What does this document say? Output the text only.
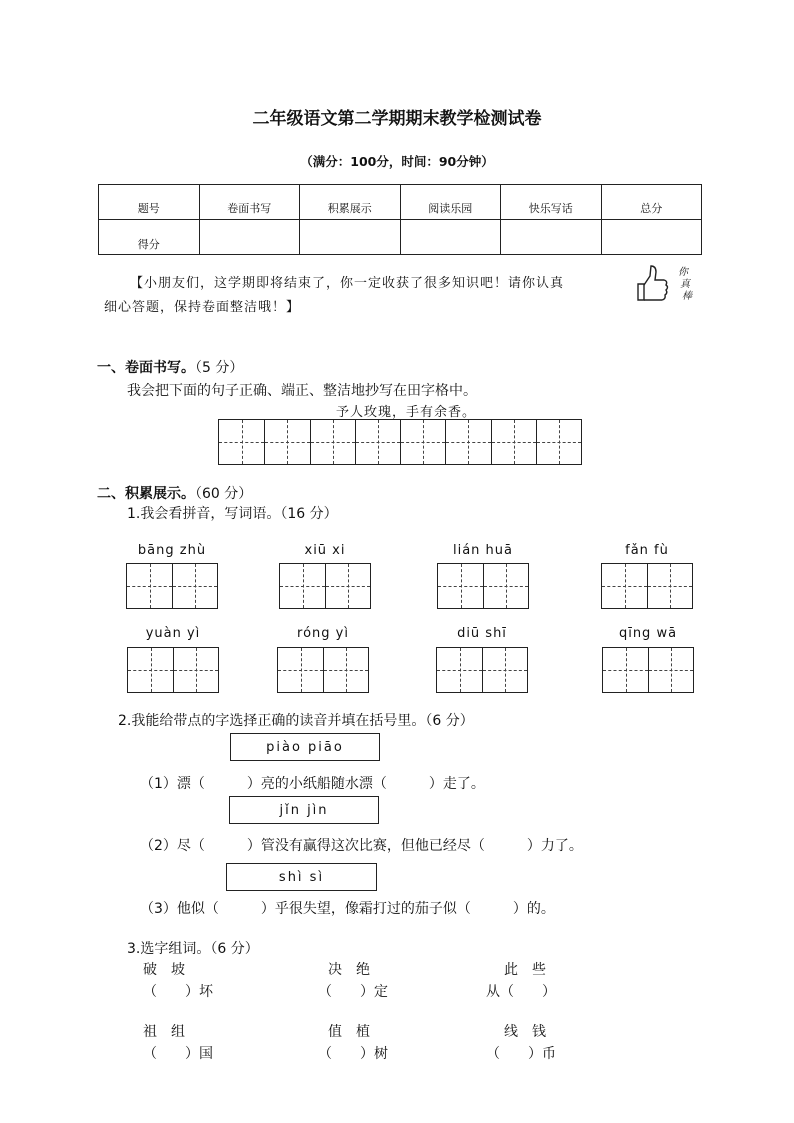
二年级语文第二学期期末教学检测试卷
（满分：100分，时间：90分钟）
题号	卷面书写	积累展示	阅读乐园	快乐写话	总分
得分					
【小朋友们，这学期即将结束了，你一定收获了很多知识吧！请你认真
细心答题，保持卷面整洁哦！】
你
真
棒
一、卷面书写。（5 分）
我会把下面的句子正确、端正、整洁地抄写在田字格中。
予人玫瑰，手有余香。
二、积累展示。（60 分）
1.我会看拼音，写词语。（16 分）
bāng zhù	xiū xi	lián huā	fǎn fù
yuàn yì	róng yì	diū shī	qīng wā
2.我能给带点的字选择正确的读音并填在括号里。（6 分）
piào piāo
（1）漂（　　　）亮的小纸船随水漂（　　　）走了。
jǐn jìn
（2）尽（　　　）管没有赢得这次比赛，但他已经尽（　　　）力了。
shì sì
（3）他似（　　　）乎很失望，像霜打过的茄子似（　　　）的。
3.选字组词。（6 分）
破　坡
（　　）坏
决　绝
（　　）定
此　些
从（　　）
祖　组
（　　）国
值　植
（　　）树
线　钱
（　　）币
